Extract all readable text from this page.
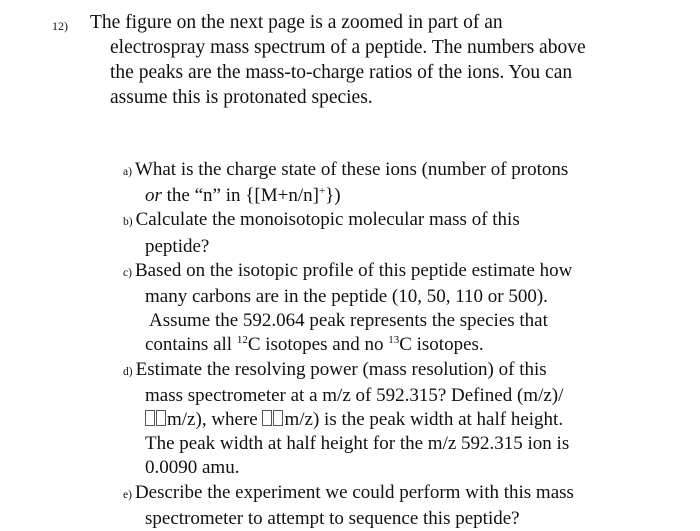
12) The figure on the next page is a zoomed in part of an
electrospray mass spectrum of a peptide. The numbers above
the peaks are the mass-to-charge ratios of the ions. You can
assume this is protonated species.
a) What is the charge state of these ions (number of protons
or the “n” in {[M+n/n]+})
b) Calculate the monoisotopic molecular mass of this
peptide?
c) Based on the isotopic profile of this peptide estimate how
many carbons are in the peptide (10, 50, 110 or 500).
Assume the 592.064 peak represents the species that
contains all $^{12}$C isotopes and no $^{13}$C isotopes.
d) Estimate the resolving power (mass resolution) of this
mass spectrometer at a m/z of 592.315? Defined (m/z)/
m/z), where m/z) is the peak width at half height.
The peak width at half height for the m/z 592.315 ion is
0.0090 amu.
e) Describe the experiment we could perform with this mass
spectrometer to attempt to sequence this peptide?
